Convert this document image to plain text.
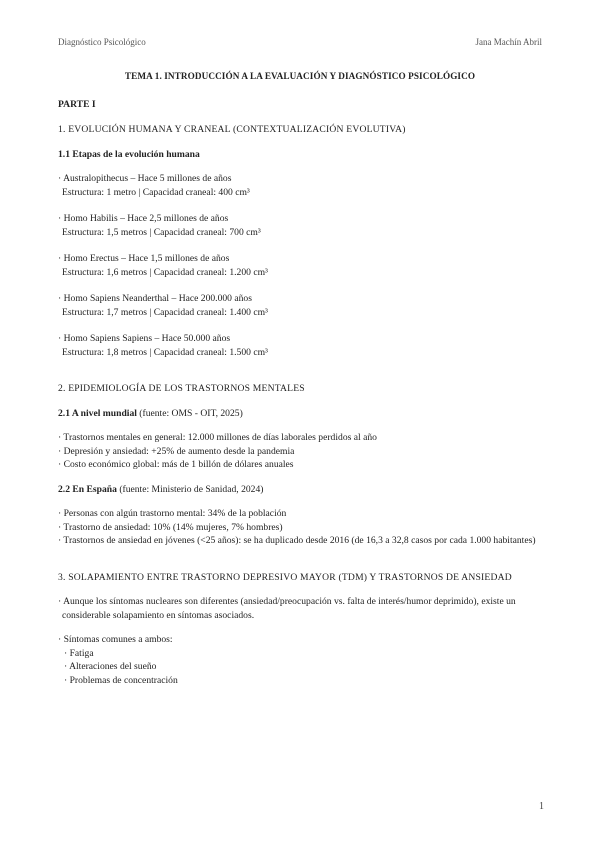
Diagnóstico Psicológico	Jana Machín Abril
TEMA 1. INTRODUCCIÓN A LA EVALUACIÓN Y DIAGNÓSTICO PSICOLÓGICO
PARTE I

1. EVOLUCIÓN HUMANA Y CRANEAL (CONTEXTUALIZACIÓN EVOLUTIVA)

1.1 Etapas de la evolución humana

· Australopithecus – Hace 5 millones de años

Estructura: 1 metro | Capacidad craneal: 400 cm³

· Homo Habilis – Hace 2,5 millones de años

Estructura: 1,5 metros | Capacidad craneal: 700 cm³

· Homo Erectus – Hace 1,5 millones de años

Estructura: 1,6 metros | Capacidad craneal: 1.200 cm³

· Homo Sapiens Neanderthal – Hace 200.000 años

Estructura: 1,7 metros | Capacidad craneal: 1.400 cm³

· Homo Sapiens Sapiens – Hace 50.000 años

Estructura: 1,8 metros | Capacidad craneal: 1.500 cm³

2. EPIDEMIOLOGÍA DE LOS TRASTORNOS MENTALES

2.1 A nivel mundial (fuente: OMS - OIT, 2025)

· Trastornos mentales en general: 12.000 millones de días laborales perdidos al año

· Depresión y ansiedad: +25% de aumento desde la pandemia

· Costo económico global: más de 1 billón de dólares anuales

2.2 En España (fuente: Ministerio de Sanidad, 2024)

· Personas con algún trastorno mental: 34% de la población

· Trastorno de ansiedad: 10% (14% mujeres, 7% hombres)

· Trastornos de ansiedad en jóvenes (<25 años): se ha duplicado desde 2016 (de 16,3 a 32,8 casos por cada 1.000 habitantes)

3. SOLAPAMIENTO ENTRE TRASTORNO DEPRESIVO MAYOR (TDM) Y TRASTORNOS DE ANSIEDAD

· Aunque los síntomas nucleares son diferentes (ansiedad/preocupación vs. falta de interés/humor deprimido), existe un considerable solapamiento en síntomas asociados.

· Síntomas comunes a ambos:

· Fatiga

· Alteraciones del sueño

· Problemas de concentración

1
